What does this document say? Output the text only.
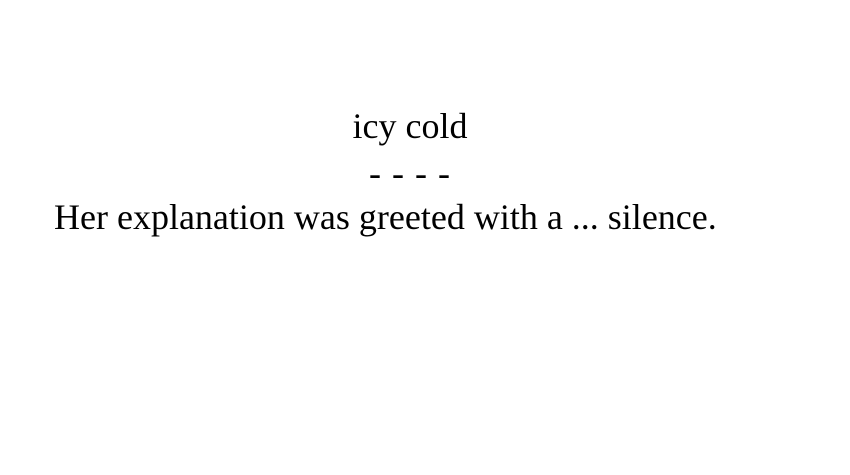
icy cold
- - - -
Her explanation was greeted with a ... silence.
